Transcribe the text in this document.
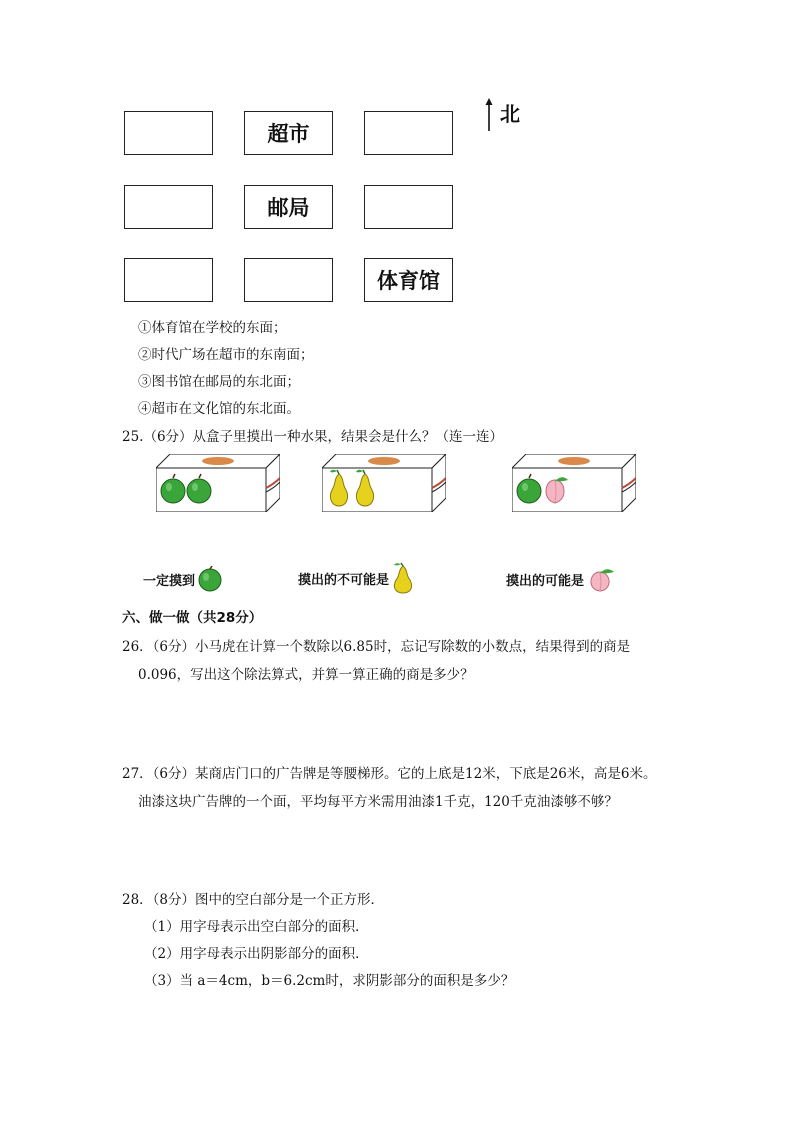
超市
邮局
体育馆
北
①体育馆在学校的东面；
②时代广场在超市的东南面；
③图书馆在邮局的东北面；
④超市在文化馆的东北面。
25.（6分）从盒子里摸出一种水果，结果会是什么？（连一连）
一定摸到	摸出的不可能是	摸出的可能是
六、做一做（共28分）
26．（6分）小马虎在计算一个数除以6.85时，忘记写除数的小数点，结果得到的商是
0.096，写出这个除法算式，并算一算正确的商是多少？
27．（6分）某商店门口的广告牌是等腰梯形。它的上底是12米，下底是26米，高是6米。
油漆这块广告牌的一个面，平均每平方米需用油漆1千克，120千克油漆够不够？
28．（8分）图中的空白部分是一个正方形．
（1）用字母表示出空白部分的面积．
（2）用字母表示出阴影部分的面积．
（3）当 a＝4cm，b＝6.2cm时，求阴影部分的面积是多少？
